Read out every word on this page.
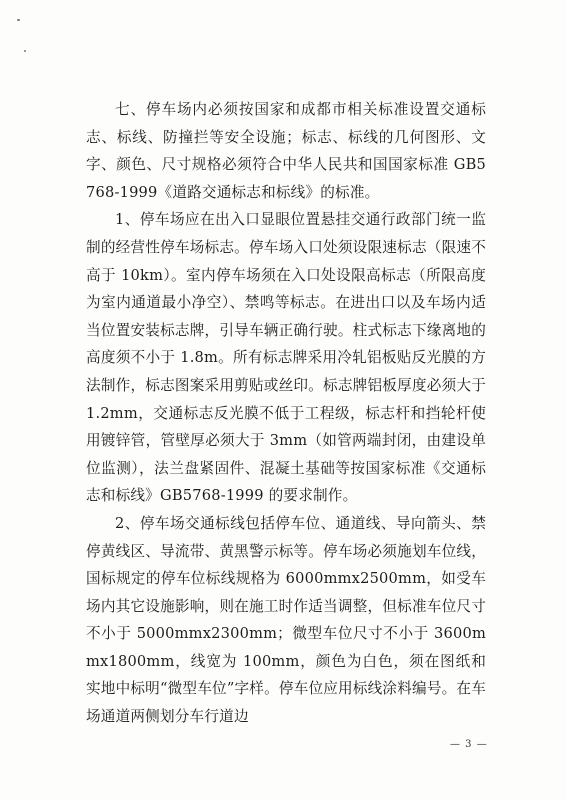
七、停车场内必须按国家和成都市相关标准设置交通标志、标线、防撞拦等安全设施；标志、标线的几何图形、文字、颜色、尺寸规格必须符合中华人民共和国国家标准 GB5768-1999《道路交通标志和标线》的标准。

1、停车场应在出入口显眼位置悬挂交通行政部门统一监制的经营性停车场标志。停车场入口处须设限速标志（限速不高于 10km）。室内停车场须在入口处设限高标志（所限高度为室内通道最小净空）、禁鸣等标志。在进出口以及车场内适当位置安装标志牌，引导车辆正确行驶。柱式标志下缘离地的高度须不小于 1.8m。所有标志牌采用冷轧铝板贴反光膜的方法制作，标志图案采用剪贴或丝印。标志牌铝板厚度必须大于 1.2mm，交通标志反光膜不低于工程级，标志杆和挡轮杆使用镀锌管，管壁厚必须大于 3mm（如管两端封闭，由建设单位监测），法兰盘紧固件、混凝土基础等按国家标准《交通标志和标线》GB5768-1999 的要求制作。

2、停车场交通标线包括停车位、通道线、导向箭头、禁停黄线区、导流带、黄黑警示标等。停车场必须施划车位线，国标规定的停车位标线规格为 6000mmx2500mm，如受车场内其它设施影响，则在施工时作适当调整，但标准车位尺寸不小于 5000mmx2300mm；微型车位尺寸不小于 3600mmx1800mm，线宽为 100mm，颜色为白色，须在图纸和实地中标明“微型车位”字样。停车位应用标线涂料编号。在车场通道两侧划分车行道边

— 3 —
